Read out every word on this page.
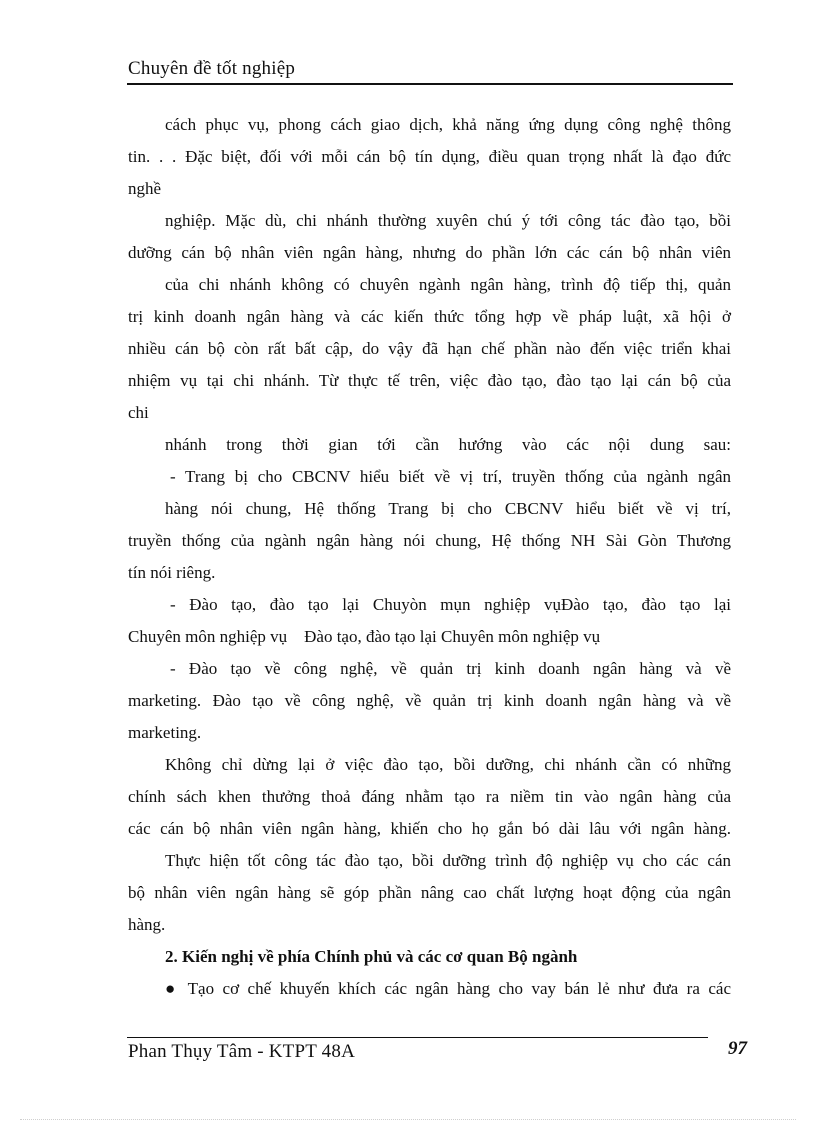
Chuyên đề tốt nghiệp
cách phục vụ, phong cách giao dịch, khả năng ứng dụng công nghệ thông
tin. . . Đặc biệt, đối với mỗi cán bộ tín dụng, điều quan trọng nhất là đạo đức
nghề
nghiệp. Mặc dù, chi nhánh thường xuyên chú ý tới công tác đào tạo, bồi
dưỡng cán bộ nhân viên ngân hàng, nhưng do phần lớn các cán bộ nhân viên
của chi nhánh không có chuyên ngành ngân hàng, trình độ tiếp thị, quản
trị kinh doanh ngân hàng và các kiến thức tổng hợp về pháp luật, xã hội ở
nhiều cán bộ còn rất bất cập, do vậy đã hạn chế phần nào đến việc triển khai
nhiệm vụ tại chi nhánh. Từ thực tế trên, việc đào tạo, đào tạo lại cán bộ của
chi
nhánh trong thời gian tới cần hướng vào các nội dung sau:
- Trang bị cho CBCNV hiểu biết về vị trí, truyền thống của ngành ngân
hàng nói chung, Hệ thống Trang bị cho CBCNV hiểu biết về vị trí,
truyền thống của ngành ngân hàng nói chung, Hệ thống NH Sài Gòn Thương
tín nói riêng.
- Đào tạo, đào tạo lại Chuyòn mụn nghiệp vụĐào tạo, đào tạo lại
Chuyên môn nghiệp vụ    Đào tạo, đào tạo lại Chuyên môn nghiệp vụ
- Đào tạo về công nghệ, về quản trị kinh doanh ngân hàng và về
marketing. Đào tạo về công nghệ, về quản trị kinh doanh ngân hàng và về
marketing.
Không chỉ dừng lại ở việc đào tạo, bồi dưỡng, chi nhánh cần có những
chính sách khen thưởng thoả đáng nhằm tạo ra niềm tin vào ngân hàng của
các cán bộ nhân viên ngân hàng, khiến cho họ gắn bó dài lâu với ngân hàng.
Thực hiện tốt công tác đào tạo, bồi dưỡng trình độ nghiệp vụ cho các cán
bộ nhân viên ngân hàng sẽ góp phần nâng cao chất lượng hoạt động của ngân
hàng.
2. Kiến nghị về phía Chính phủ và các cơ quan Bộ ngành
● Tạo cơ chế khuyến khích các ngân hàng cho vay bán lẻ như đưa ra các
Phan Thụy Tâm - KTPT 48A	97
